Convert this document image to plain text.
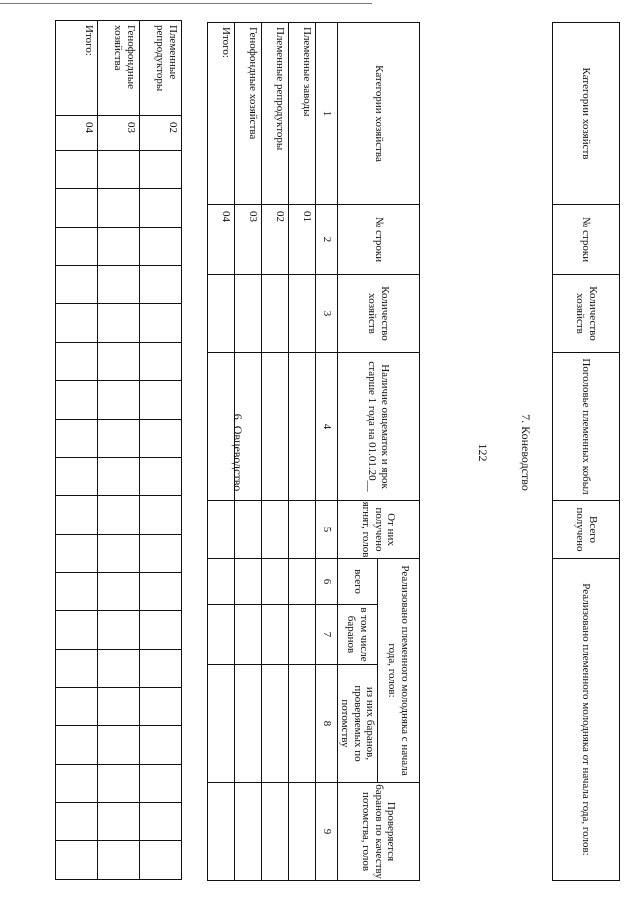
122
Племенные репродукторы	02																			
Генофондные хозяйства	03																			
Итого:	04																			
6. Овцеводство
Категории хозяйства	№ строки	Количество хозяйств	Наличие овцематок и ярок старше 1 года на 01.01.20__	От них получено ягнят, голов	Реализовано племенного молодняка с начала года, голов:			Проверяется баранов по качеству потомства, голов
					всего	в том числе баранов	из них баранов, проверяемых по потомству	
1	2	3	4	5	6	7	8	9
Племенные заводы	01							
Племенные репродукторы	02							
Генофондные хозяйства	03							
Итого:	04							
7. Коневодство
Категории хозяйств	№ строки	Количество хозяйств	Поголовье племенных кобыл	Всего получено	Реализовано племенного молодняка от начала года, голов:
